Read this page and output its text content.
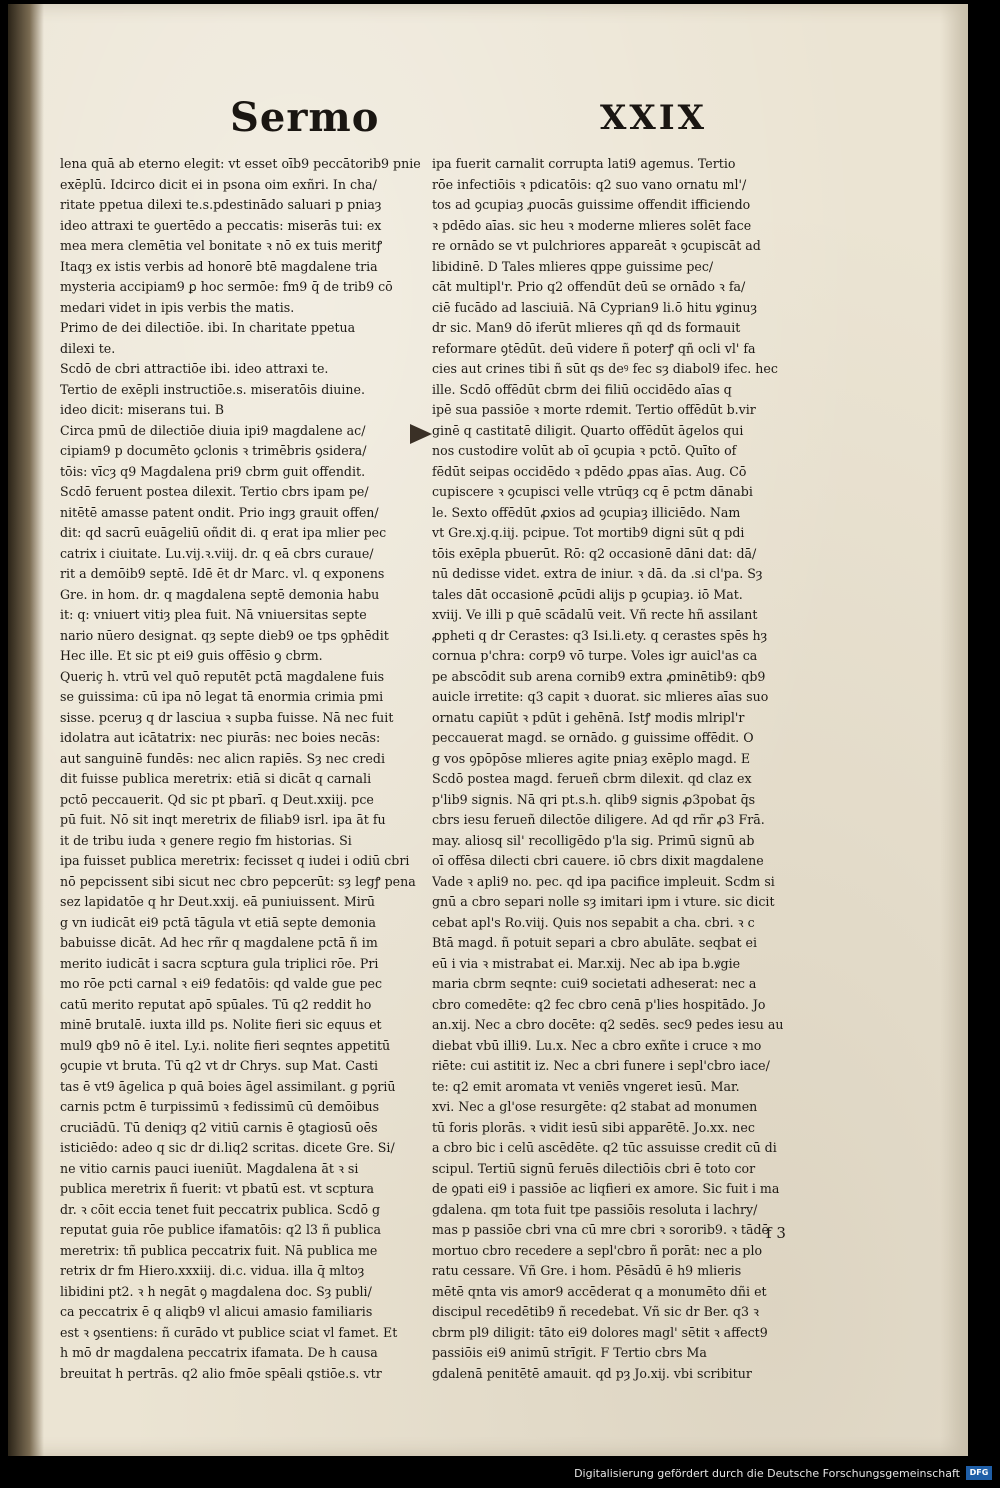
Sermo	XXIX
lena quā ab eterno elegit: vt esset oīb9 peccātorib9 pnie
exēplū. Idcirco dicit ei in psona oim exñri. In cha/
ritate ppetua dilexi te.s.pdestinādo saluari p pniaȝ
ideo attraxi te ꝯuertēdo a peccatis: miserās tui: ex
mea mera clemētia vel bonitate ꝛ nō ex tuis meritꝭ
Itaqȝ ex istis verbis ad honorē btē magdalene tria
mysteria accipiam9 ꝑ hoc sermōe: fm9 q̄ de trib9 cō
medari videt in ipis verbis the matis.
Primo de dei dilectiōe. ibi. In charitate ppetua
dilexi te.
Scdō de cbri attractiōe ibi. ideo attraxi te.
Tertio de exēpli instructiōe.s. miseratōis diuine.
ideo dicit: miserans tui. B
Circa pmū de dilectiōe diuia ipi9 magdalene ac/
cipiam9 p documēto ꝯclonis ꝛ trimēbris ꝯsidera/
tōis: vīcȝ q9 Magdalena pri9 cbrm guit offendit.
Scdō feruent postea dilexit. Tertio cbrs ipam pe/
nitētē amasse patent ondit. Prio ingȝ grauit offen/
dit: qd sacrū euāgeliū oñdit di. q erat ipa mlier pec
catrix i ciuitate. Lu.vij.ꝛ.viij. dr. q eā cbrs curaue/
rit a demōib9 septē. Idē ēt dr Marc. vl. q exponens
Gre. in hom. dr. q magdalena septē demonia habu
it: q: vniuert vitiȝ plea fuit. Nā vniuersitas septe
nario nūero designat. qȝ septe dieb9 oe tps ꝯphēdit
Hec ille. Et sic pt ei9 guis offēsio ꝯ cbrm.
Queriç h. vtrū vel quō reputēt pctā magdalene fuis
se guissima: cū ipa nō legat tā enormia crimia pmi
sisse. pceruȝ q dr lasciua ꝛ supba fuisse. Nā nec fuit
idolatra aut icātatrix: nec piurās: nec boies necās:
aut sanguinē fundēs: nec alicn rapiēs. Sȝ nec credi
dit fuisse publica meretrix: etiā si dicāt q carnali
pctō peccauerit. Qd sic pt pbarī. q Deut.xxiij. pce
pū fuit. Nō sit inqt meretrix de filiab9 isrl. ipa āt fu
it de tribu iuda ꝛ genere regio fm historias. Si
ipa fuisset publica meretrix: fecisset q iudei i odiū cbri
nō pepcissent sibi sicut nec cbro pepcerūt: sȝ legꝭ pena
sez lapidatōe q hr Deut.xxij. eā puniuissent. Mirū
g vn iudicāt ei9 pctā tāgula vt etiā septe demonia
babuisse dicāt. Ad hec rñr q magdalene pctā ñ im
merito iudicāt i sacra scptura gula triplici rōe. Pri
mo rōe pcti carnal ꝛ ei9 fedatōis: qd valde gue pec
catū merito reputat apō spūales. Tū q2 reddit ho
minē brutalē. iuxta illd ps. Nolite fieri sic equus et
mul9 qb9 nō ē itel. Ly.i. nolite fieri seqntes appetitū
ꝯcupie vt bruta. Tū q2 vt dr Chrys. sup Mat. Casti
tas ē vt9 āgelica p quā boies āgel assimilant. g pꝯriū
carnis pctm ē turpissimū ꝛ fedissimū cū demōibus
cruciādū. Tū deniqȝ q2 vitiū carnis ē ꝯtagiosū oēs
isticiēdo: adeo q sic dr di.liq2 scritas. dicete Gre. Si/
ne vitio carnis pauci iueniūt. Magdalena āt ꝛ si
publica meretrix ñ fuerit: vt pbatū est. vt scptura
dr. ꝛ cōit eccia tenet fuit peccatrix publica. Scdō g
reputat guia rōe publice ifamatōis: q2 l3 ñ publica
meretrix: tñ publica peccatrix fuit. Nā publica me
retrix dr fm Hiero.xxxiij. di.c. vidua. illa q̄ mltoȝ
libidini pt2. ꝛ h negāt ꝯ magdalena doc. Sȝ publi/
ca peccatrix ē q aliqb9 vl alicui amasio familiaris
est ꝛ ꝯsentiens: ñ curādo vt publice sciat vl famet. Et
h mō dr magdalena peccatrix ifamata. De h causa
breuitat h pertrās. q2 alio fmōe spēali qstiōe.s. vtr
ipa fuerit carnalit corrupta lati9 agemus. Tertio
rōe infectiōis ꝛ pdicatōis: q2 suo vano ornatu ml'/
tos ad ꝯcupiaȝ ꝓuocās guissime offendit ifficiendo
ꝛ pdēdo aīas. sic heu ꝛ moderne mlieres solēt face
re ornādo se vt pulchriores appareāt ꝛ ꝯcupiscāt ad
libidinē. D Tales mlieres qppe guissime pec/
cāt multipl'r. Prio q2 offendūt deū se ornādo ꝛ fa/
ciē fucādo ad lasciuiā. Nā Cyprian9 li.ō hitu ꝟginuȝ
dr sic. Man9 dō iferūt mlieres qñ qd ds formauit
reformare ꝯtēdūt. deū videre ñ poterꝭ qñ ocli vl' fa
cies aut crines tibi ñ sūt qs deꝰ fec sȝ diabol9 ifec. hec
ille. Scdō offēdūt cbrm dei filiū occidēdo aīas q
ipē sua passiōe ꝛ morte rdemit. Tertio offēdūt b.vir
ginē q castitatē diligit. Quarto offēdūt āgelos qui
nos custodire volūt ab oī ꝯcupia ꝛ pctō. Quīto of
fēdūt seipas occidēdo ꝛ pdēdo ꝓpas aīas. Aug. Cō
cupiscere ꝛ ꝯcupisci velle vtrūqȝ cq ē pctm dānabi
le. Sexto offēdūt ꝓxios ad ꝯcupiaȝ illiciēdo. Nam
vt Gre.xj.q.iij. pcipue. Tot mortib9 digni sūt q pdi
tōis exēpla pbuerūt. Rō: q2 occasionē dāni dat: dā/
nū dedisse videt. extra de iniur. ꝛ dā. da .si cl'pa. Sȝ
tales dāt occasionē ꝓcūdi alijs p ꝯcupiaȝ. iō Mat.
xviij. Ve illi p quē scādalū veit. Vñ recte hñ assilant
ꝓpheti q dr Cerastes: q3 Isi.li.ety. q cerastes spēs hȝ
cornua p'chra: corp9 vō turpe. Voles igr auicl'as ca
pe abscōdit sub arena cornib9 extra ꝓminētib9: qb9
auicle irretite: q3 capit ꝛ duorat. sic mlieres aīas suo
ornatu capiūt ꝛ pdūt i gehēnā. Istꝭ modis mlripl'r
peccauerat magd. se ornādo. g guissime offēdit. O
g vos ꝯpōpōse mlieres agite pniaȝ exēplo magd. E
Scdō postea magd. ferueñ cbrm dilexit. qd claz ex
p'lib9 signis. Nā qri pt.s.h. qlib9 signis ꝓ3pobat q̄s
cbrs iesu ferueñ dilectōe diligere. Ad qd rñr ꝓ3 Frā.
may. aliosq sil' recolligēdo p'la sig. Primū signū ab
oī offēsa dilecti cbri cauere. iō cbrs dixit magdalene
Vade ꝛ apli9 no. pec. qd ipa pacifice impleuit. Scdm si
gnū a cbro separi nolle sȝ imitari ipm i vture. sic dicit
cebat apl's Ro.viij. Quis nos sepabit a cha. cbri. ꝛ c
Btā magd. ñ potuit separi a cbro abulāte. seqbat ei
eū i via ꝛ mistrabat ei. Mar.xij. Nec ab ipa b.ꝟgie
maria cbrm seqnte: cui9 societati adheserat: nec a
cbro comedēte: q2 fec cbro cenā p'lies hospitādo. Jo
an.xij. Nec a cbro docēte: q2 sedēs. sec9 pedes iesu au
diebat vbū illi9. Lu.x. Nec a cbro exñte i cruce ꝛ mo
riēte: cui astitit iz. Nec a cbri funere i sepl'cbro iace/
te: q2 emit aromata vt veniēs vngeret iesū. Mar.
xvi. Nec a gl'ose resurgēte: q2 stabat ad monumen
tū foris plorās. ꝛ vidit iesū sibi apparētē. Jo.xx. nec
a cbro bic i celū ascēdēte. q2 tūc assuisse credit cū di
scipul. Tertiū signū feruēs dilectiōis cbri ē toto cor
de ꝯpati ei9 i passiōe ac liqfieri ex amore. Sic fuit i ma
gdalena. qm tota fuit tpe passiōis resoluta i lachry/
mas p passiōe cbri vna cū mre cbri ꝛ sororib9. ꝛ tādē
mortuo cbro recedere a sepl'cbro ñ porāt: nec a plo
ratu cessare. Vñ Gre. i hom. Pēsādū ē h9 mlieris
mētē qnta vis amor9 accēderat q a monumēto dñi et
discipul recedētib9 ñ recedebat. Vñ sic dr Ber. q3 ꝛ
cbrm pl9 diligit: tāto ei9 dolores magl' sētit ꝛ affect9
passiōis ei9 animū strīgit. F Tertio cbrs Ma
gdalenā penitētē amauit. qd pȝ Jo.xij. vbi scribitur
f 3
Digitalisierung gefördert durch die Deutsche Forschungsgemeinschaft	DFG
